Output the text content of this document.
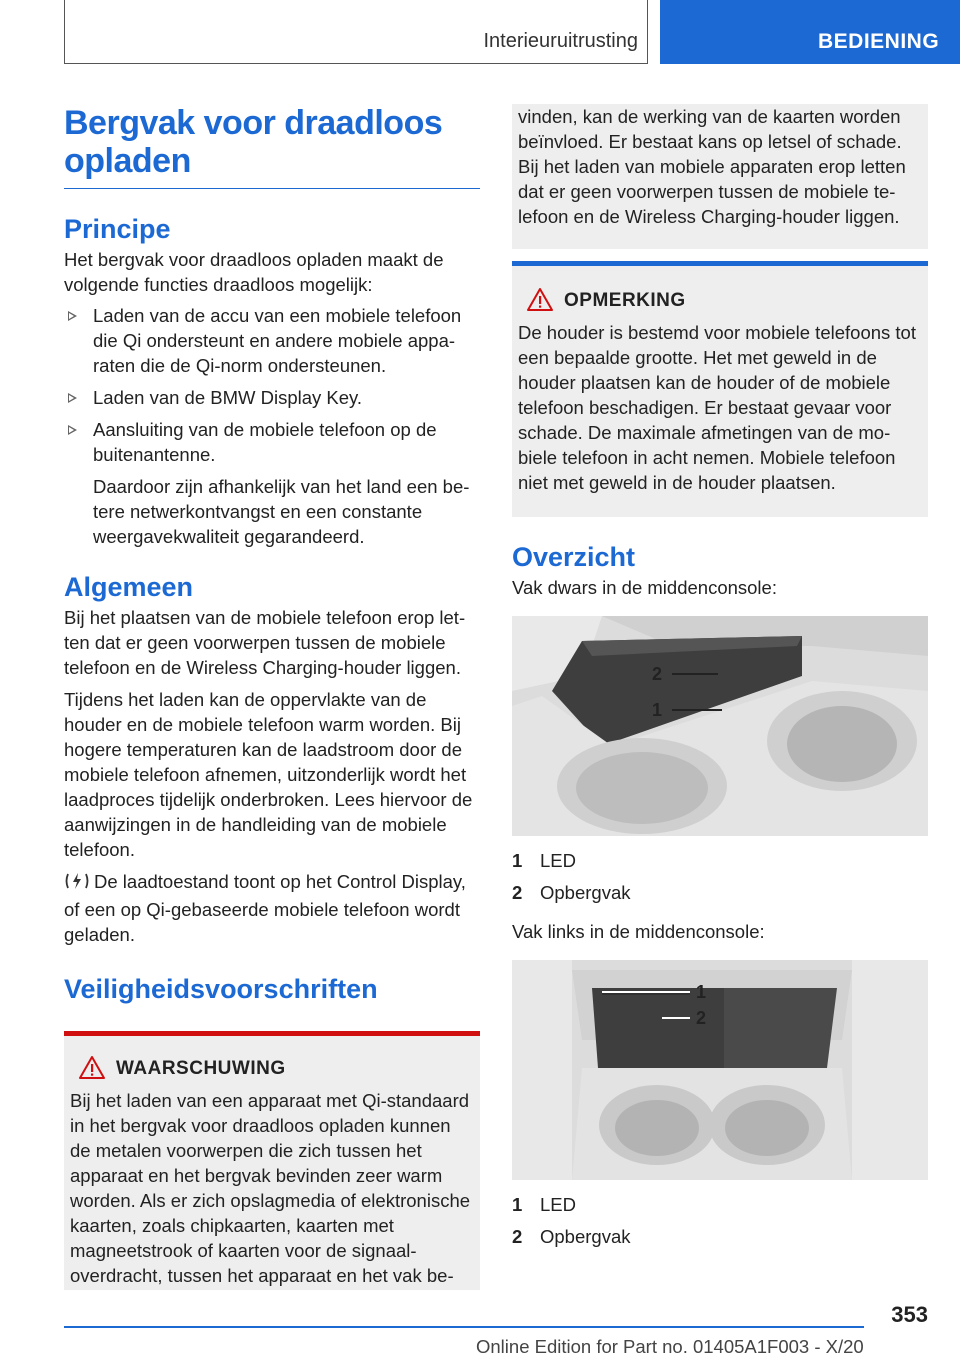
Interieuruitrusting	BEDIENING
Bergvak voor draadloos
opladen
Principe

Het bergvak voor draadloos opladen maakt de volgende functies draadloos mogelijk:

Laden van de accu van een mobiele telefoon die Qi ondersteunt en andere mobiele apparaten die de Qi-norm ondersteunen.
Laden van de BMW Display Key.
Aansluiting van de mobiele telefoon op de buitenantenne.
Daardoor zijn afhankelijk van het land een betere netwerkontvangst en een constante weergavekwaliteit gegarandeerd.
Algemeen

Bij het plaatsen van de mobiele telefoon erop letten dat er geen voorwerpen tussen de mobiele telefoon en de Wireless Charging-houder liggen.

Tijdens het laden kan de oppervlakte van de houder en de mobiele telefoon warm worden. Bij hogere temperaturen kan de laadstroom door de mobiele telefoon afnemen, uitzonderlijk wordt het laadproces tijdelijk onderbroken. Lees hiervoor de aanwijzingen in de handleiding van de mobiele telefoon.

De laadtoestand toont op het Control Display, of een op Qi-gebaseerde mobiele telefoon wordt geladen.

Veiligheidsvoorschriften
WAARSCHUWING

Bij het laden van een apparaat met Qi-standaard in het bergvak voor draadloos opladen kunnen de metalen voorwerpen die zich tussen het apparaat en het bergvak bevinden zeer warm worden. Als er zich opslagmedia of elektronische kaarten, zoals chipkaarten, kaarten met magneetstrook of kaarten voor de signaaloverdracht, tussen het apparaat en het vak be-

vinden, kan de werking van de kaarten worden beïnvloed. Er bestaat kans op letsel of schade. Bij het laden van mobiele apparaten erop letten dat er geen voorwerpen tussen de mobiele telefoon en de Wireless Charging-houder liggen.

OPMERKING

De houder is bestemd voor mobiele telefoons tot een bepaalde grootte. Het met geweld in de houder plaatsen kan de houder of de mobiele telefoon beschadigen. Er bestaat gevaar voor schade. De maximale afmetingen van de mobiele telefoon in acht nemen. Mobiele telefoon niet met geweld in de houder plaatsen.

Overzicht

Vak dwars in de middenconsole:

2
1
1 LED
2 Opbergvak

Vak links in de middenconsole:

1
2
1 LED
2 Opbergvak
353
Online Edition for Part no. 01405A1F003 - X/20
